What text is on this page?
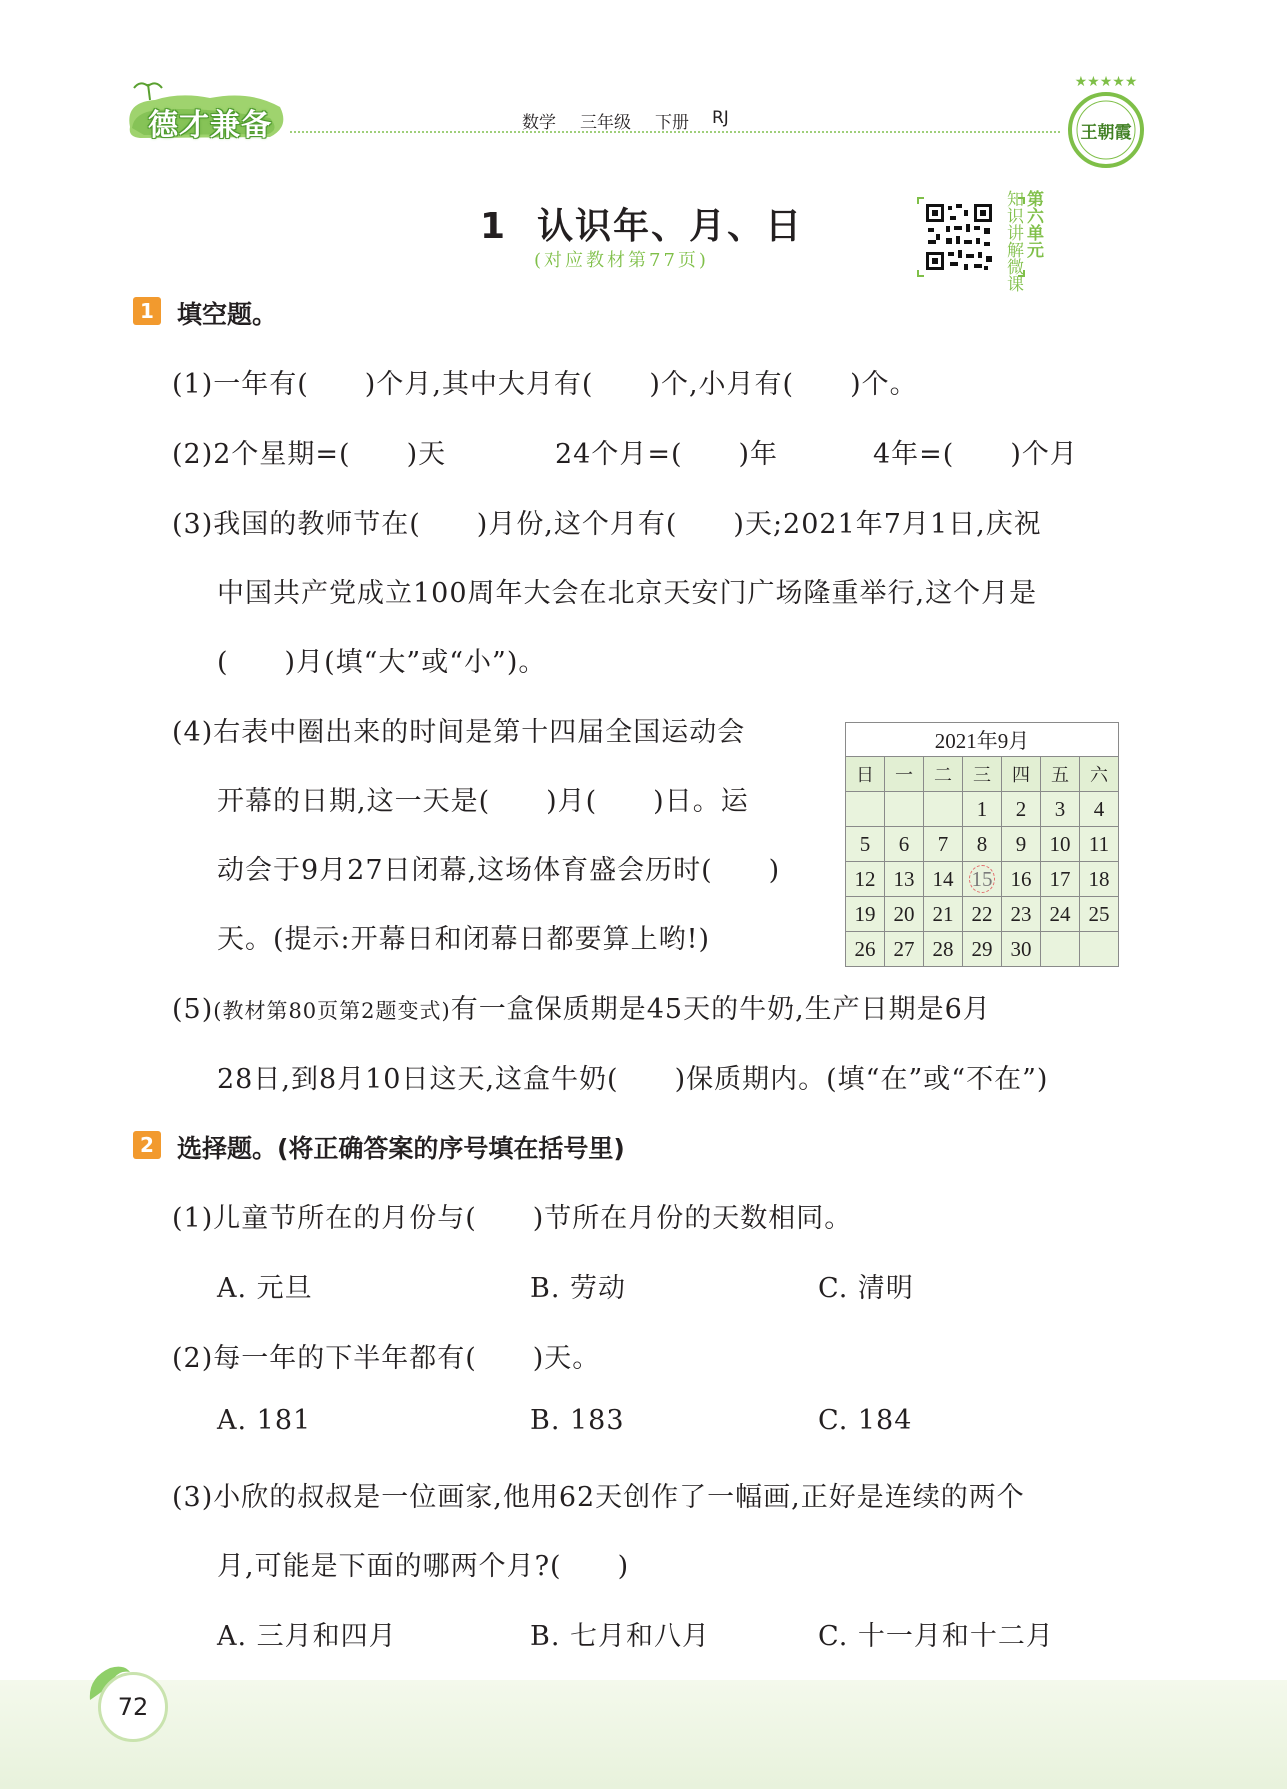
德才兼备	数学 三年级 下册 RJ
★★★★★
王朝霞
1 认识年、月、日
(对应教材第77页)	知识讲解微课 第六单元
1 填空题。
(1)一年有(　　)个月,其中大月有(　　)个,小月有(　　)个。
(2)2个星期=(　　)天	24个月=(　　)年	4年=(　　)个月
(3)我国的教师节在(　　)月份,这个月有(　　)天;2021年7月1日,庆祝
中国共产党成立100周年大会在北京天安门广场隆重举行,这个月是
(　　)月(填“大”或“小”)。
(4)右表中圈出来的时间是第十四届全国运动会
开幕的日期,这一天是(　　)月(　　)日。运
动会于9月27日闭幕,这场体育盛会历时(　　)
天。(提示:开幕日和闭幕日都要算上哟!)
2021年9月						
日	一	二	三	四	五	六
			1	2	3	4
5	6	7	8	9	10	11
12	13	14	15	16	17	18
19	20	21	22	23	24	25
26	27	28	29	30		
(5)(教材第80页第2题变式)有一盒保质期是45天的牛奶,生产日期是6月
28日,到8月10日这天,这盒牛奶(　　)保质期内。(填“在”或“不在”)
2 选择题。(将正确答案的序号填在括号里)
(1)儿童节所在的月份与(　　)节所在月份的天数相同。
A. 元旦	B. 劳动	C. 清明
(2)每一年的下半年都有(　　)天。
A. 181	B. 183	C. 184
(3)小欣的叔叔是一位画家,他用62天创作了一幅画,正好是连续的两个
月,可能是下面的哪两个月?(　　)
A. 三月和四月	B. 七月和八月	C. 十一月和十二月
72
